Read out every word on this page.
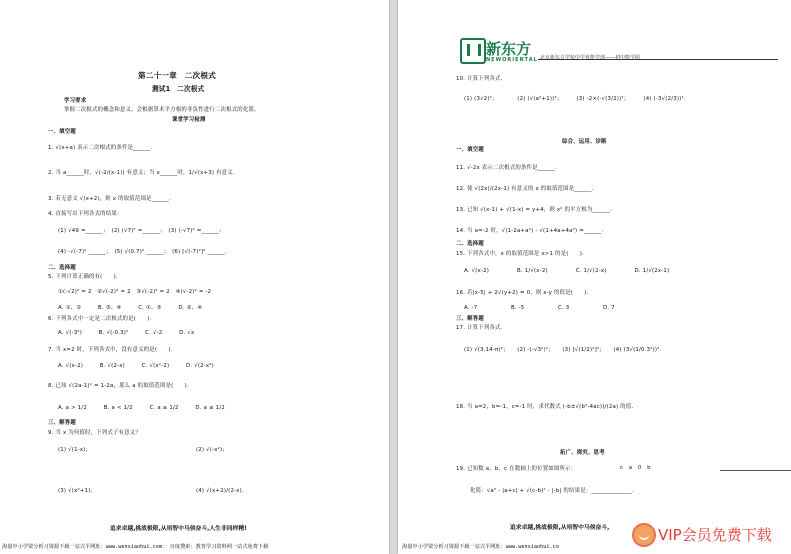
第二十一章　二次根式
测试1　二次根式
学习要求
掌握二次根式的概念和意义，会根据算术平方根的非负性进行二次根式的化简。
课堂学习检测
一、填空题
1. √(x+a) 表示二次根式的条件是______.
2. 当 a______时，√(-2/(x-1)) 有意义；当 x______时，1/√(x+3) 有意义.
3. 若无意义 √(x+2)，则 x 的取值范围是______.
4. 直接写出下列各式的结果：
(1) √49 =______；　(2) (√7)² =______；　(3) (-√7)² =______；
(4) -√(-7)² ______；　(5) √(0.7)² ______；　(6) [√(-7)²]² ______.
二、选择题
5. 下列计算正确的有(　　).
①(-√2)² = 2　②√(-2)² = 2　③√(-2)² = 2　④(√-2)² = -2
A. ①、②　　　B. ③、④　　　C. ①、③　　　D. ②、④
6. 下列各式中一定是二次根式的是(　　).
A. √(-3²)　　　B. √(-0.3)²　　　C. √-2　　　D. √x
7. 当 x=2 时，下列各式中，没有意义的是(　　).
A. √(x-2)　　　B. √(2-x)　　　C. √(x²-2)　　　D. √(2-x²)
8. 已知 √(2a-1)² = 1-2a，那么 a 的取值范围是(　　).
A. a > 1/2　　　B. a < 1/2　　　C. a ≥ 1/2　　　D. a ≤ 1/2
三、解答题
9. 当 x 为何值时，下列式子有意义？
(1) √(1-x)；	(2) √(-x²)；
(3) √(x²+1)；	(4) √(x+2)/(2-x).
追求卓越,挑战极限,从培智中马侯奋斗,人生非同样精!
海量中小学资分析习资源下载一站式平网址：www.wenxiaohui.com：　百度搜索：教育学习资料网一站式免费下载
新东方
NEWORIENTAL 北京新东方学校中学优能学部——初中数学组
10. 计算下列各式.
(1) (3√2)²；　　　　(2) (√(a²+1))²；　　　(3) -2×(-√(3/2))²；　　　(4) (-3√(2/3))².
综合、运用、诊断
一、填空题
11. √-2x 表示二次根式的条件是______.
12. 使 √(2x)/(2x-1) 有意义的 x 的取值范围是______.
13. 已知 √(x-1) + √(1-x) = y+4，则 x² 的平方根为______.
14. 当 a=-2 时，√(1-2a+a²) - √(1+4a+4a²) =______.
二、选择题
15. 下列各式中，x 的取值范围是 x>1 的是(　　).
A. √(x-2)　　　　　B. 1/√(x-2)　　　　　C. 1/√(2-x)　　　　　D. 1/√(2x-1)
16. 若|x-5| + 2√(y+2) = 0，则 x-y 的值是(　　).
A. -7　　　　　　B. -5　　　　　　C. 3　　　　　　D. 7
三、解答题
17. 计算下列各式.
(1) √(3.14-π)²；　　(2) -(-√3²)²；　　(3) [√(1/2)²]²；　　(4) (3√(1/0.3²))².
18. 当 a=2，b=-1，c=-1 时，求代数式 (-b±√(b²-4ac))/(2a) 的值.
拓广、探究、思考
19. 已知数 a，b，c 在数轴上的位置如图所示：	c　a　0　b
化简：√a² - |a+c| + √(c-b)² - |-b| 的结果是：______________.
追求卓越,挑战极限,从培智中马侯奋斗,
海量中小学资分析习资源下载一站式平网址：www.wenxiaohui.co
VIP会员免费下载
